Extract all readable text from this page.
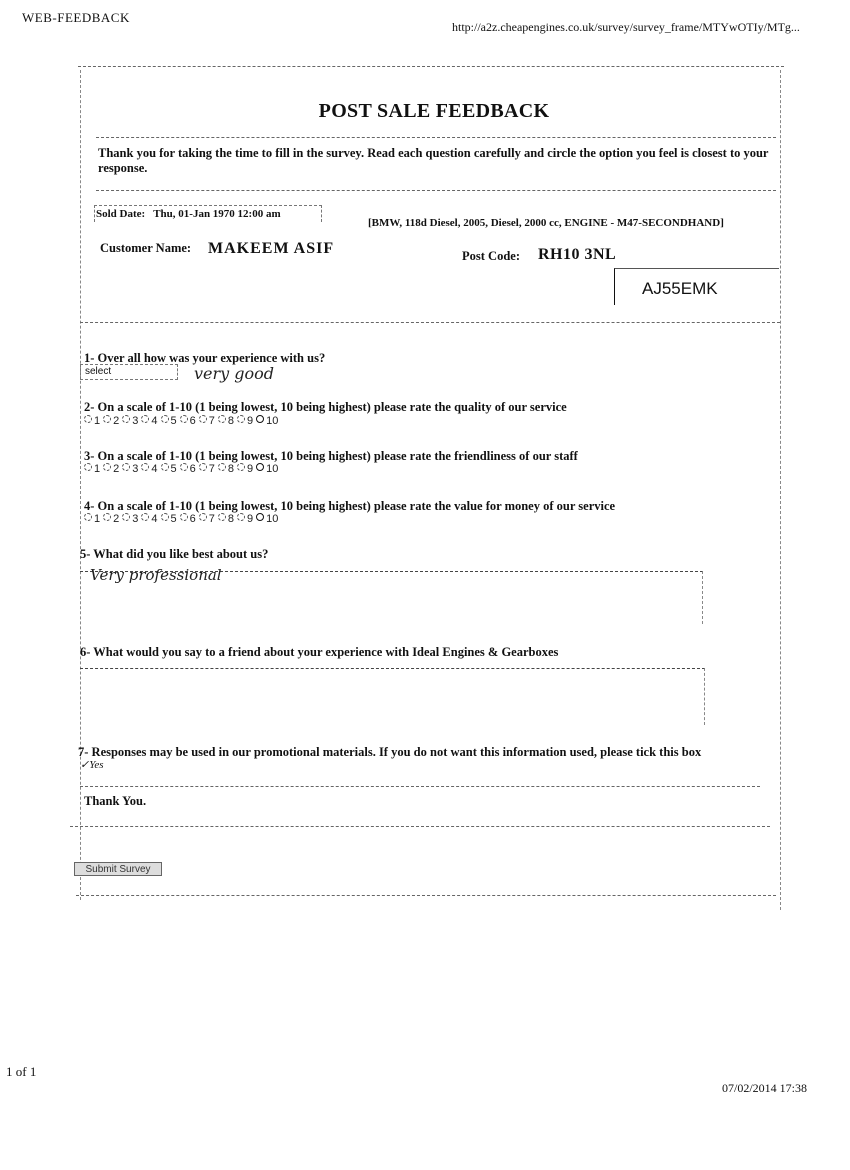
WEB-FEEDBACK
http://a2z.cheapengines.co.uk/survey/survey_frame/MTYwOTIy/MTg...
POST SALE FEEDBACK
Thank you for taking the time to fill in the survey. Read each question carefully and circle the option you feel is closest to your response.
Sold Date: Thu, 01-Jan 1970 12:00 am
[BMW, 118d Diesel, 2005, Diesel, 2000 cc, ENGINE - M47-SECONDHAND]
Customer Name: MAKEEM ASIF	Post Code: RH10 3NL
AJ55EMK
1- Over all how was your experience with us?
select	very good
2- On a scale of 1-10 (1 being lowest, 10 being highest) please rate the quality of our service
1 2 3 4 5 6 7 8 9 10
3- On a scale of 1-10 (1 being lowest, 10 being highest) please rate the friendliness of our staff
1 2 3 4 5 6 7 8 9 10
4- On a scale of 1-10 (1 being lowest, 10 being highest) please rate the value for money of our service
1 2 3 4 5 6 7 8 9 10
5- What did you like best about us?
Very professional
6- What would you say to a friend about your experience with Ideal Engines & Gearboxes
7- Responses may be used in our promotional materials. If you do not want this information used, please tick this box
✓Yes
Thank You.
Submit Survey
1 of 1
07/02/2014 17:38
